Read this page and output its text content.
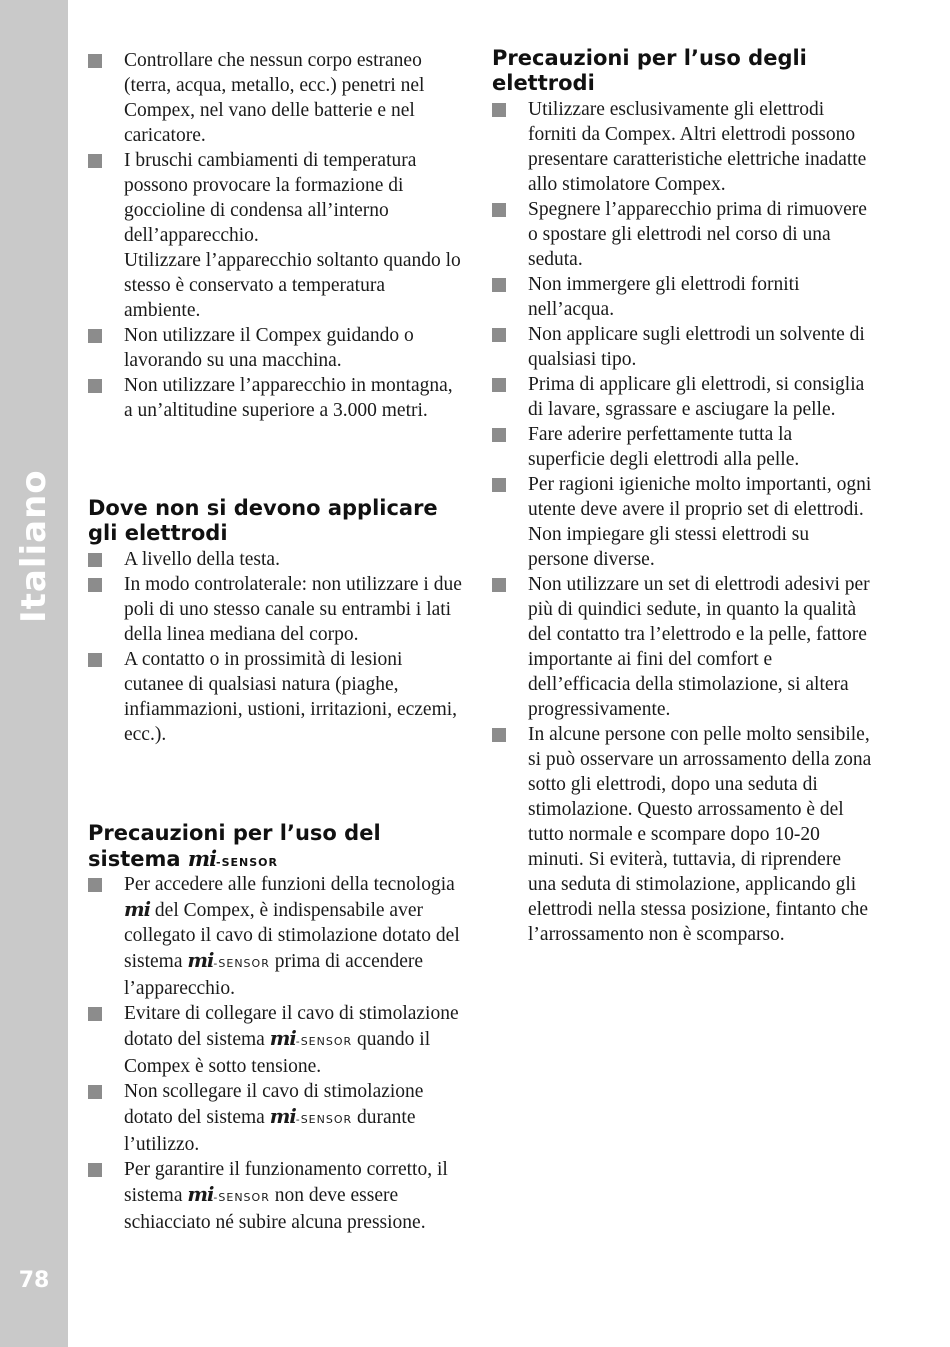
Italiano
78
Controllare che nessun corpo estraneo (terra, acqua, metallo, ecc.) penetri nel Compex, nel vano delle batterie e nel caricatore.
I bruschi cambiamenti di temperatura possono provocare la formazione di goccioline di condensa all’interno dell’apparecchio.
Utilizzare l’apparecchio soltanto quando lo stesso è conservato a temperatura ambiente.
Non utilizzare il Compex guidando o lavorando su una macchina.
Non utilizzare l’apparecchio in montagna, a un’altitudine superiore a 3.000 metri.
Dove non si devono applicare gli elettrodi
A livello della testa.
In modo controlaterale: non utilizzare i due poli di uno stesso canale su entrambi i lati della linea mediana del corpo.
A contatto o in prossimità di lesioni cutanee di qualsiasi natura (piaghe, infiammazioni, ustioni, irritazioni, eczemi, ecc.).
Precauzioni per l’uso del sistema mi-SENSOR
Per accedere alle funzioni della tecnologia mi del Compex, è indispensabile aver collegato il cavo di stimolazione dotato del sistema mi-SENSOR prima di accendere l’apparecchio.
Evitare di collegare il cavo di stimolazione dotato del sistema mi-SENSOR quando il Compex è sotto tensione.
Non scollegare il cavo di stimolazione dotato del sistema mi-SENSOR durante l’utilizzo.
Per garantire il funzionamento corretto, il sistema mi-SENSOR non deve essere schiacciato né subire alcuna pressione.
Precauzioni per l’uso degli elettrodi
Utilizzare esclusivamente gli elettrodi forniti da Compex. Altri elettrodi possono presentare caratteristiche elettriche inadatte allo stimolatore Compex.
Spegnere l’apparecchio prima di rimuovere o spostare gli elettrodi nel corso di una seduta.
Non immergere gli elettrodi forniti nell’acqua.
Non applicare sugli elettrodi un solvente di qualsiasi tipo.
Prima di applicare gli elettrodi, si consiglia di lavare, sgrassare e asciugare la pelle.
Fare aderire perfettamente tutta la superficie degli elettrodi alla pelle.
Per ragioni igieniche molto importanti, ogni utente deve avere il proprio set di elettrodi. Non impiegare gli stessi elettrodi su persone diverse.
Non utilizzare un set di elettrodi adesivi per più di quindici sedute, in quanto la qualità del contatto tra l’elettrodo e la pelle, fattore importante ai fini del comfort e dell’efficacia della stimolazione, si altera progressivamente.
In alcune persone con pelle molto sensibile, si può osservare un arrossamento della zona sotto gli elettrodi, dopo una seduta di stimolazione. Questo arrossamento è del tutto normale e scompare dopo 10-20 minuti. Si eviterà, tuttavia, di riprendere una seduta di stimolazione, applicando gli elettrodi nella stessa posizione, fintanto che l’arrossamento non è scomparso.
